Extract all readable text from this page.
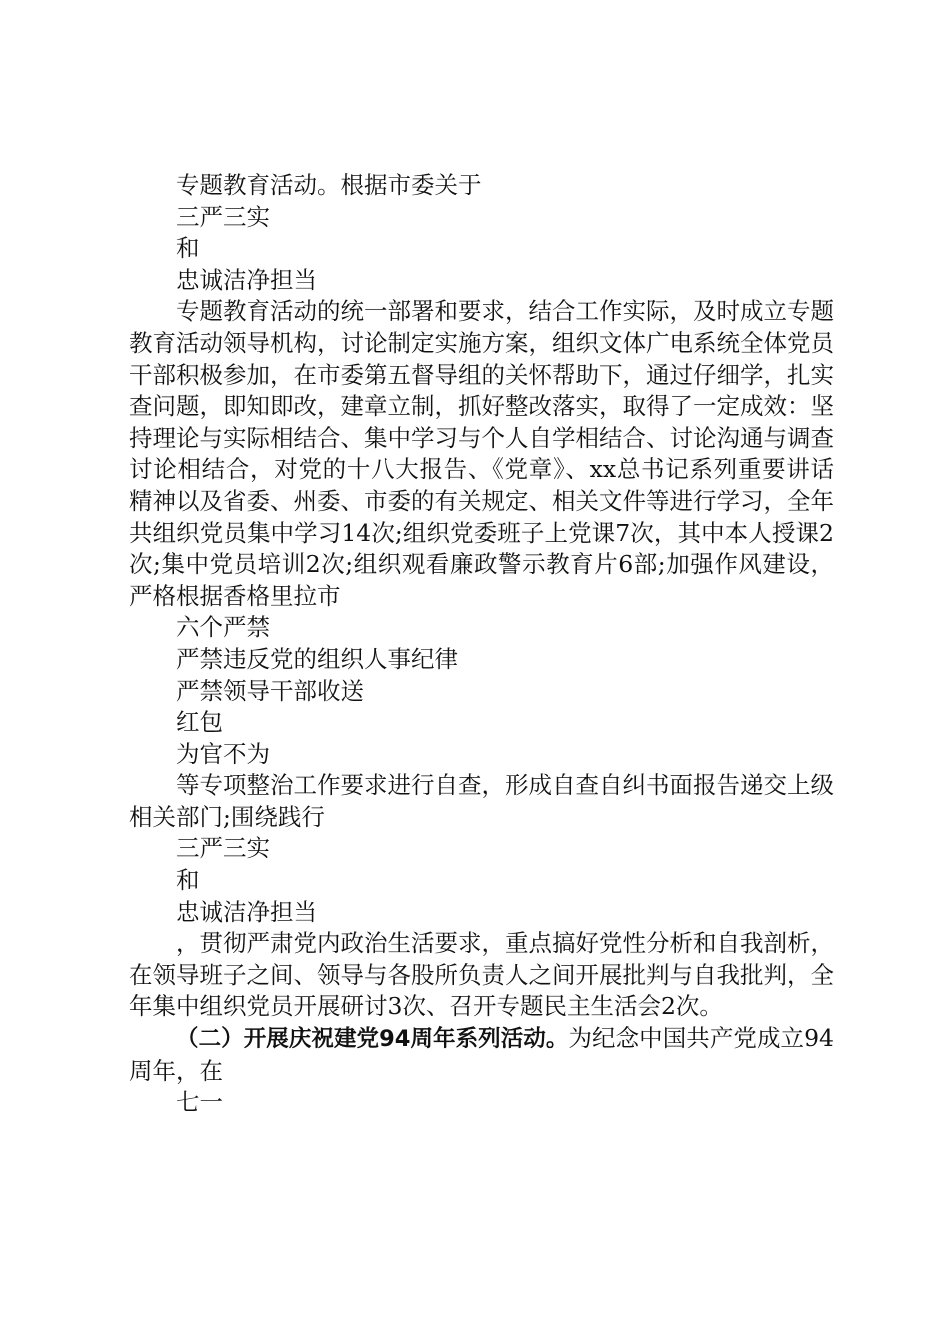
专题教育活动。根据市委关于
三严三实
和
忠诚洁净担当

专题教育活动的统一部署和要求，结合工作实际，及时成立专题教育活动领导机构，讨论制定实施方案，组织文体广电系统全体党员干部积极参加，在市委第五督导组的关怀帮助下，通过仔细学，扎实查问题，即知即改，建章立制，抓好整改落实，取得了一定成效：坚持理论与实际相结合、集中学习与个人自学相结合、讨论沟通与调查讨论相结合，对党的十八大报告、《党章》、xx总书记系列重要讲话精神以及省委、州委、市委的有关规定、相关文件等进行学习，全年共组织党员集中学习14次;组织党委班子上党课7次，其中本人授课2次;集中党员培训2次;组织观看廉政警示教育片6部;加强作风建设，严格根据香格里拉市

六个严禁
严禁违反党的组织人事纪律
严禁领导干部收送
红包
为官不为

等专项整治工作要求进行自查，形成自查自纠书面报告递交上级相关部门;围绕践行

三严三实
和
忠诚洁净担当

，贯彻严肃党内政治生活要求，重点搞好党性分析和自我剖析，在领导班子之间、领导与各股所负责人之间开展批判与自我批判，全年集中组织党员开展研讨3次、召开专题民主生活会2次。

（二）开展庆祝建党94周年系列活动。为纪念中国共产党成立94周年，在

七一
